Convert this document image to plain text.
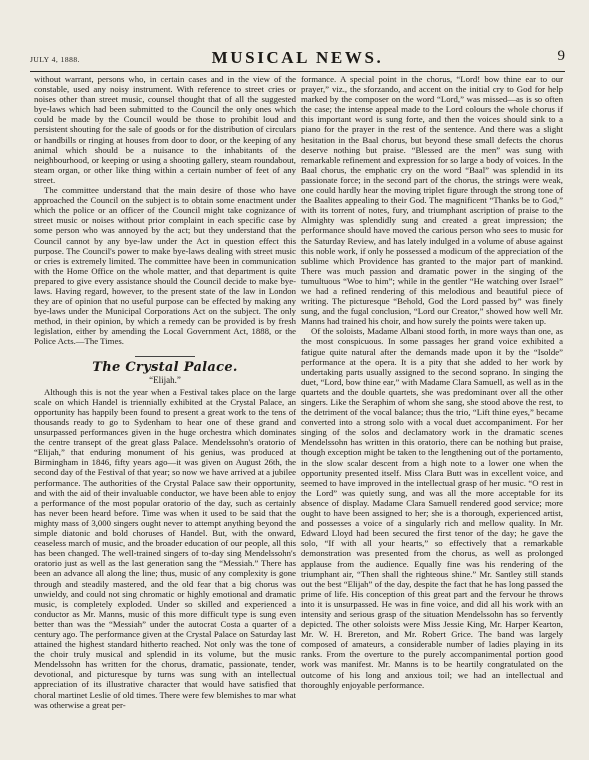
JULY 4, 1888.	MUSICAL NEWS.	9

without warrant, persons who, in certain cases and in the view of the constable, used any noisy instrument. With reference to street cries or noises other than street music, counsel thought that of all the suggested bye-laws which had been submitted to the Council the only ones which could be made by the Council would be those to prohibit loud and persistent shouting for the sale of goods or for the distribution of circulars or handbills or ringing at houses from door to door, or the keeping of any animal which should be a nuisance to the inhabitants of the neighbourhood, or keeping or using a shooting gallery, steam roundabout, steam organ, or other like thing within a certain number of feet of any street.

The committee understand that the main desire of those who have approached the Council on the subject is to obtain some enactment under which the police or an officer of the Council might take cognizance of street music or noises without prior complaint in each specific case by some person who was annoyed by the act; but they understand that the Council cannot by any bye-law under the Act in question effect this purpose. The Council's power to make bye-laws dealing with street music or cries is extremely limited. The committee have been in communication with the Home Office on the whole matter, and that department is quite prepared to give every assistance should the Council decide to make bye-laws. Having regard, however, to the present state of the law in London they are of opinion that no useful purpose can be effected by making any bye-laws under the Municipal Corporations Act on the subject. The only method, in their opinion, by which a remedy can be provided is by fresh legislation, either by amending the Local Government Act, 1888, or the Police Acts.—The Times.

The Crystal Palace.
“Elijah.”

Although this is not the year when a Festival takes place on the large scale on which Handel is triennially exhibited at the Crystal Palace, an opportunity has happily been found to present a great work to the tens of thousands ready to go to Sydenham to hear one of these grand and unsurpassed performances given in the huge orchestra which dominates the centre transept of the great glass Palace. Mendelssohn's oratorio of “Elijah,” that enduring monument of his genius, was produced at Birmingham in 1846, fifty years ago—it was given on August 26th, the second day of the Festival of that year; so now we have arrived at a jubilee performance. The authorities of the Crystal Palace saw their opportunity, and with the aid of their invaluable conductor, we have been able to enjoy a performance of the most popular oratorio of the day, such as certainly has never been heard before. Time was when it used to be said that the mighty mass of 3,000 singers ought never to attempt anything beyond the simple diatonic and bold choruses of Handel. But, with the onward, ceaseless march of music, and the broader education of our people, all this has been changed. The well-trained singers of to-day sing Mendelssohn's oratorio just as well as the last generation sang the “Messiah.” There has been an advance all along the line; thus, music of any complexity is gone through and steadily mastered, and the old fear that a big chorus was unwieldy, and could not sing chromatic or highly emotional and dramatic music, is completely exploded. Under so skilled and experienced a conductor as Mr. Manns, music of this more difficult type is sung even better than was the “Messiah” under the autocrat Costa a quarter of a century ago. The performance given at the Crystal Palace on Saturday last attained the highest standard hitherto reached. Not only was the tone of the choir truly musical and splendid in its volume, but the music Mendelssohn has written for the chorus, dramatic, passionate, tender, devotional, and picturesque by turns was sung with an intellectual appreciation of its illustrative character that would have satisfied that choral martinet Leslie of old times. There were few blemishes to mar what was otherwise a great per-

formance. A special point in the chorus, “Lord! bow thine ear to our prayer,” viz., the sforzando, and accent on the initial cry to God for help marked by the composer on the word “Lord,” was missed—as is so often the case; the intense appeal made to the Lord colours the whole chorus if this important word is sung forte, and then the voices should sink to a piano for the prayer in the rest of the sentence. And there was a slight hesitation in the Baal chorus, but beyond these small defects the chorus deserve nothing but praise. “Blessed are the men” was sung with remarkable refinement and expression for so large a body of voices. In the Baal chorus, the emphatic cry on the word “Baal” was splendid in its passionate force; in the second part of the chorus, the strings were weak, one could hardly hear the moving triplet figure through the strong tone of the Baalites appealing to their God. The magnificent “Thanks be to God,” with its torrent of notes, fury, and triumphant ascription of praise to the Almighty was splendidly sung and created a great impression; the performance should have moved the carious person who sees to music for the Saturday Review, and has lately indulged in a volume of abuse against this noble work, if only he possessed a modicum of the appreciation of the sublime which Providence has granted to the major part of mankind. There was much passion and dramatic power in the singing of the tumultuous “Woe to him”; while in the gentler “He watching over Israel” we had a refined rendering of this melodious and beautiful piece of writing. The picturesque “Behold, God the Lord passed by” was finely sung, and the fugal conclusion, “Lord our Creator,” showed how well Mr. Manns had trained his choir, and how surely the points were taken up.

Of the soloists, Madame Albani stood forth, in more ways than one, as the most conspicuous. In some passages her grand voice exhibited a fatigue quite natural after the demands made upon it by the “Isolde” performance at the opera. It is a pity that she added to her work by undertaking parts usually assigned to the second soprano. In singing the duet, “Lord, bow thine ear,” with Madame Clara Samuell, as well as in the quartets and the double quartets, she was predominant over all the other singers. Like the Seraphim of whom she sang, she stood above the rest, to the detriment of the vocal balance; thus the trio, “Lift thine eyes,” became converted into a strong solo with a vocal duet accompaniment. For her singing of the solos and declamatory work in the dramatic scenes Mendelssohn has written in this oratorio, there can be nothing but praise, though exception might be taken to the lengthening out of the portamento, in the slow scalar descent from a high note to a lower one when the opportunity presented itself. Miss Clara Butt was in excellent voice, and seemed to have improved in the intellectual grasp of her music. “O rest in the Lord” was quietly sung, and was all the more acceptable for its absence of display. Madame Clara Samuell rendered good service; more ought to have been assigned to her; she is a thorough, experienced artist, and possesses a voice of a singularly rich and mellow quality. In Mr. Edward Lloyd had been secured the first tenor of the day; he gave the solo, “If with all your hearts,” so effectively that a remarkable demonstration was presented from the chorus, as well as prolonged applause from the audience. Equally fine was his rendering of the triumphant air, “Then shall the righteous shine.” Mr. Santley still stands out the best “Elijah” of the day, despite the fact that he has long passed the prime of life. His conception of this great part and the fervour he throws into it is unsurpassed. He was in fine voice, and did all his work with an intensity and serious grasp of the situation Mendelssohn has so fervently depicted. The other soloists were Miss Jessie King, Mr. Harper Kearton, Mr. W. H. Brereton, and Mr. Robert Grice. The band was largely composed of amateurs, a considerable number of ladies playing in its ranks. From the overture to the purely accompanimental portion good work was manifest. Mr. Manns is to be heartily congratulated on the outcome of his long and anxious toil; we had an intellectual and thoroughly enjoyable performance.
